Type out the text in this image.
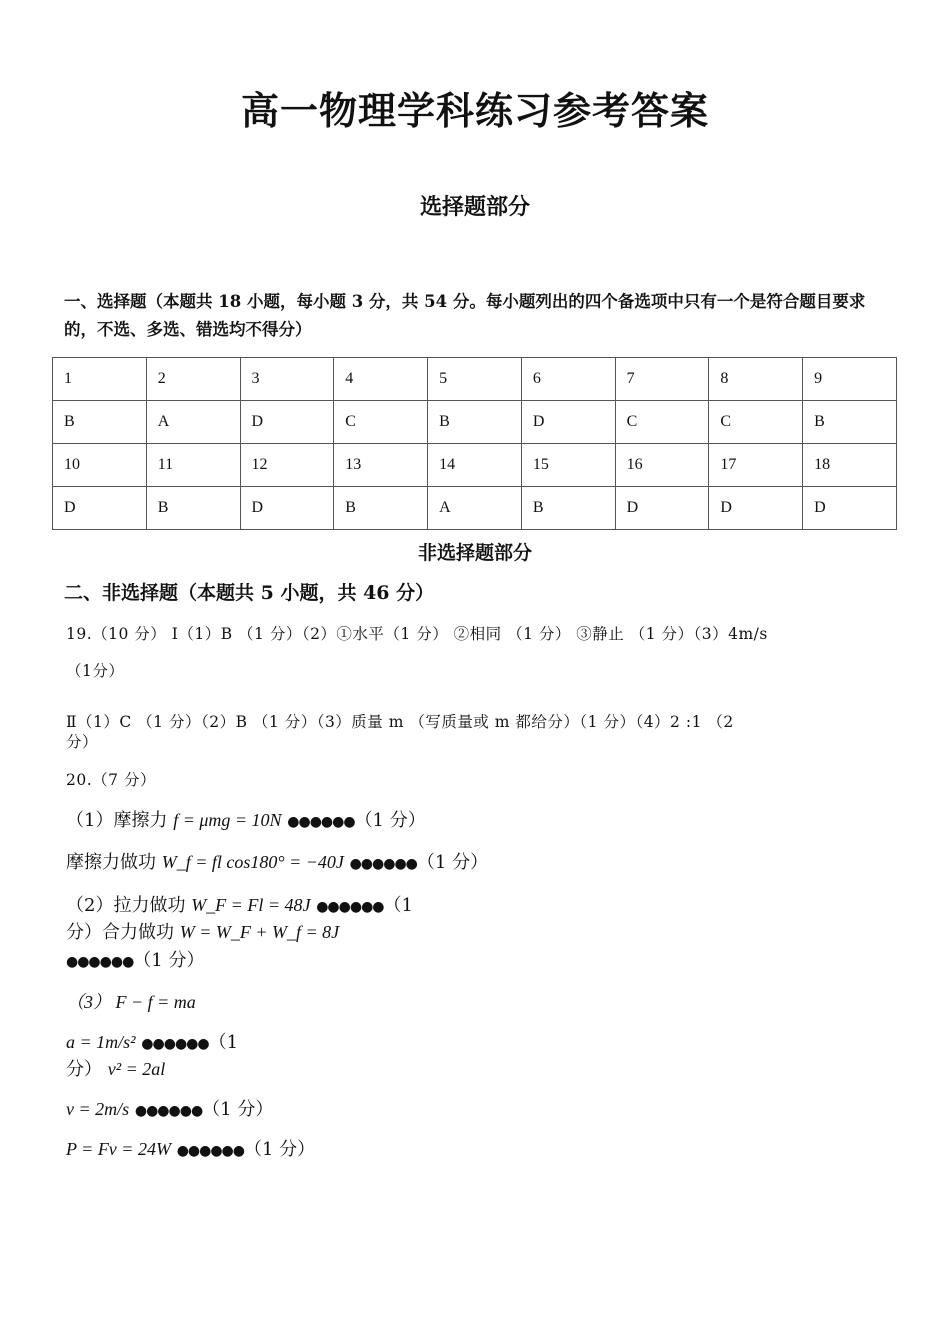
高一物理学科练习参考答案
选择题部分
一、选择题（本题共 18 小题，每小题 3 分，共 54 分。每小题列出的四个备选项中只有一个是符合题目要求的，不选、多选、错选均不得分）
1	2	3	4	5	6	7	8	9
B	A	D	C	B	D	C	C	B
10	11	12	13	14	15	16	17	18
D	B	D	B	A	B	D	D	D
非选择题部分
二、非选择题（本题共 5 小题，共 46 分）
19.（10 分） Ⅰ（1）B （1 分）（2）①水平（1 分） ②相同 （1 分） ③静止 （1 分）（3）4m/s
（1分）
Ⅱ（1）C （1 分）（2）B （1 分）（3）质量 m （写质量或 m 都给分）（1 分）（4）2 :1 （2
分）
20.（7 分）
（1）摩擦力 f = μmg = 10N ●●●●●●（1 分）
摩擦力做功 W_f = fl cos180° = −40J ●●●●●●（1 分）
（2）拉力做功 W_F = Fl = 48J ●●●●●●（1
分）合力做功 W = W_F + W_f = 8J
●●●●●●（1 分）
（3） F − f = ma
a = 1m/s² ●●●●●●（1
分） v² = 2al
v = 2m/s ●●●●●●（1 分）
P = Fv = 24W ●●●●●●（1 分）
